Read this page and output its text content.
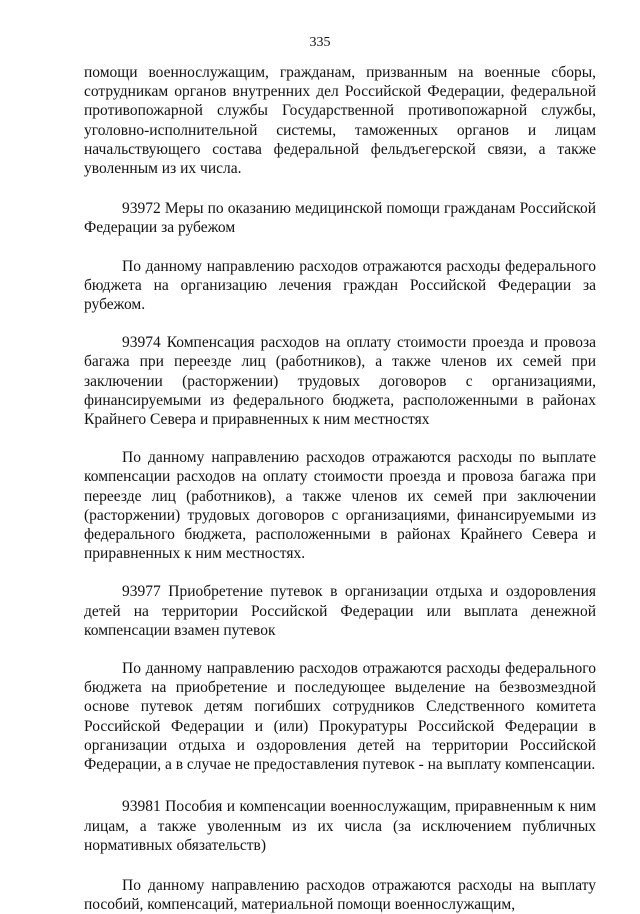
335

помощи военнослужащим, гражданам, призванным на военные сборы, сотрудникам органов внутренних дел Российской Федерации, федеральной противопожарной службы Государственной противопожарной службы, уголовно-исполнительной системы, таможенных органов и лицам начальствующего состава федеральной фельдъегерской связи, а также уволенным из их числа.

93972 Меры по оказанию медицинской помощи гражданам Российской Федерации за рубежом

По данному направлению расходов отражаются расходы федерального бюджета на организацию лечения граждан Российской Федерации за рубежом.

93974 Компенсация расходов на оплату стоимости проезда и провоза багажа при переезде лиц (работников), а также членов их семей при заключении (расторжении) трудовых договоров с организациями, финансируемыми из федерального бюджета, расположенными в районах Крайнего Севера и приравненных к ним местностях

По данному направлению расходов отражаются расходы по выплате компенсации расходов на оплату стоимости проезда и провоза багажа при переезде лиц (работников), а также членов их семей при заключении (расторжении) трудовых договоров с организациями, финансируемыми из федерального бюджета, расположенными в районах Крайнего Севера и приравненных к ним местностях.

93977 Приобретение путевок в организации отдыха и оздоровления детей на территории Российской Федерации или выплата денежной компенсации взамен путевок

По данному направлению расходов отражаются расходы федерального бюджета на приобретение и последующее выделение на безвозмездной основе путевок детям погибших сотрудников Следственного комитета Российской Федерации и (или) Прокуратуры Российской Федерации в организации отдыха и оздоровления детей на территории Российской Федерации, а в случае не предоставления путевок - на выплату компенсации.

93981 Пособия и компенсации военнослужащим, приравненным к ним лицам, а также уволенным из их числа (за исключением публичных нормативных обязательств)

По данному направлению расходов отражаются расходы на выплату пособий, компенсаций, материальной помощи военнослужащим,
